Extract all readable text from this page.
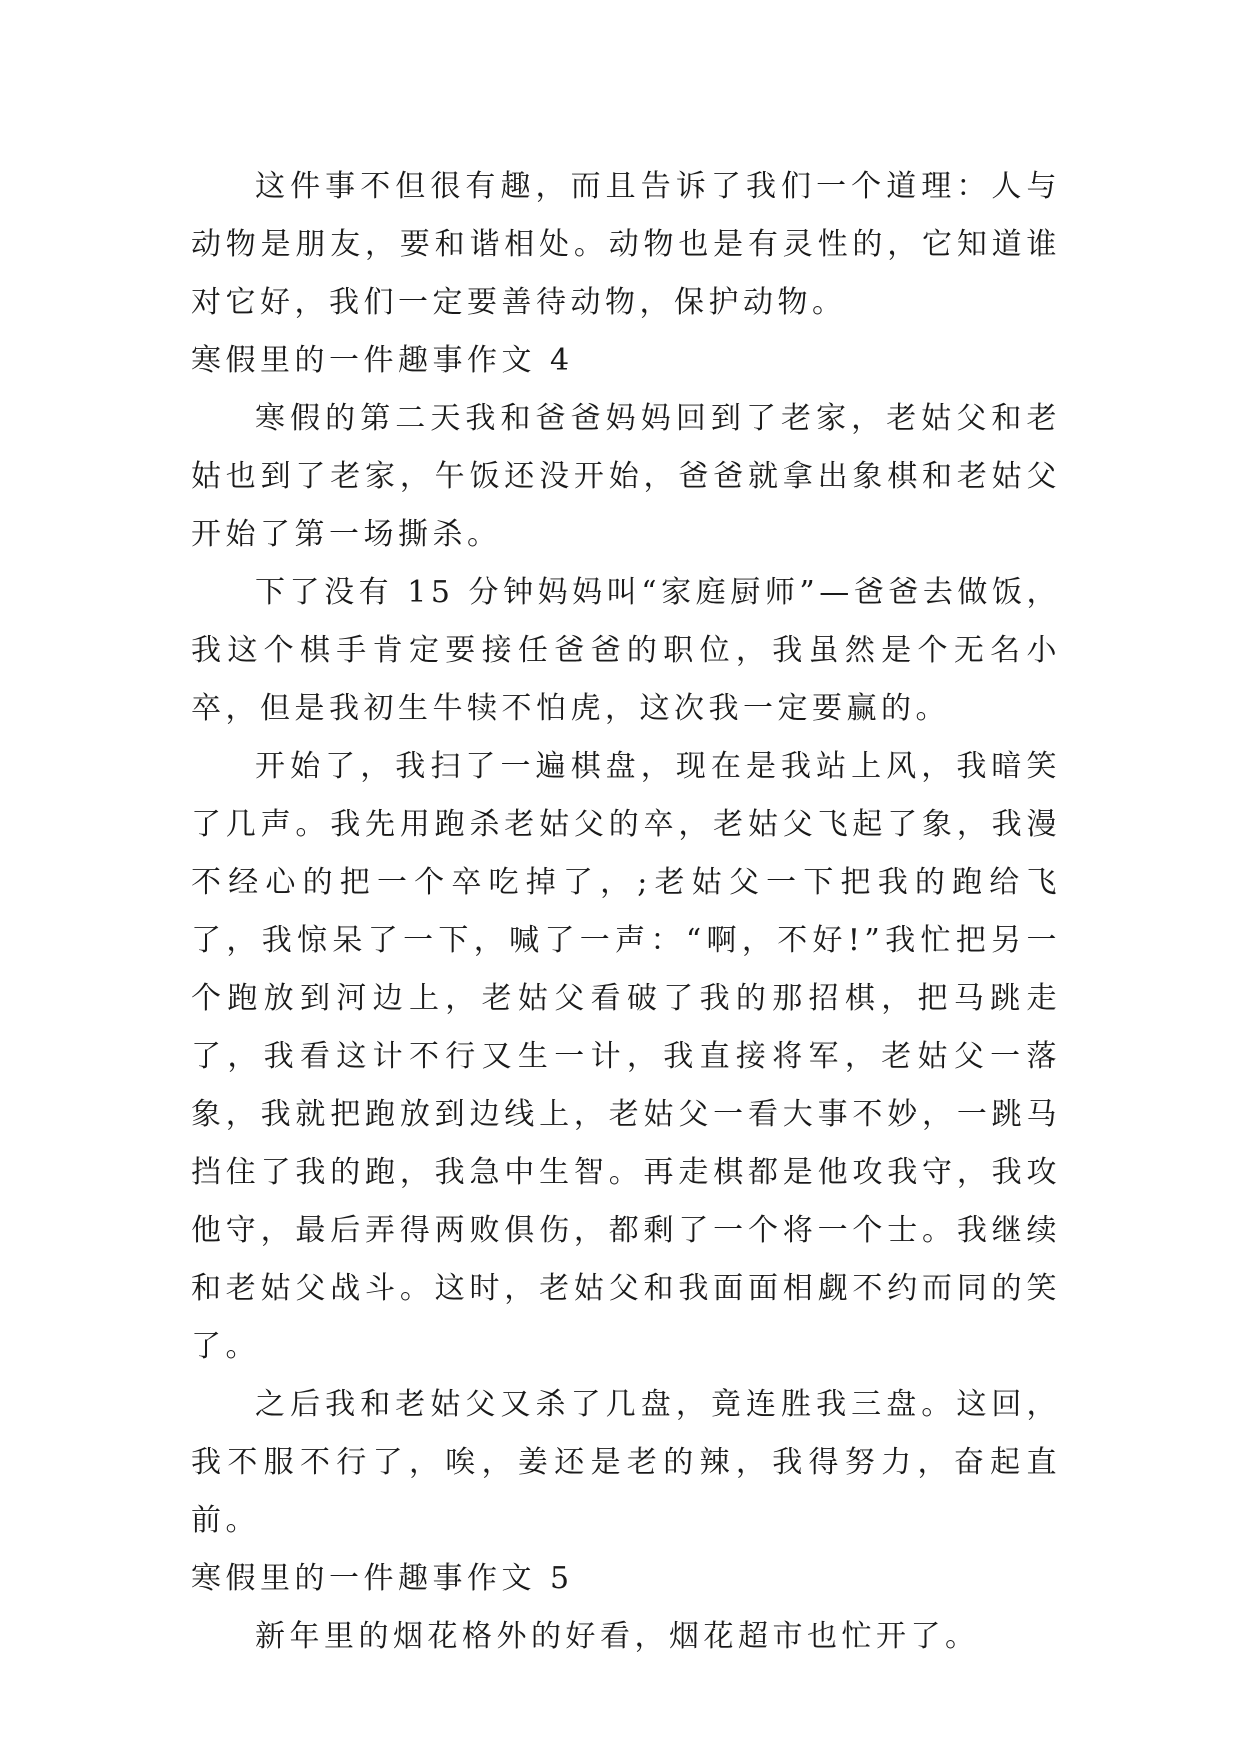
这件事不但很有趣，而且告诉了我们一个道理：人与动物是朋友，要和谐相处。动物也是有灵性的，它知道谁对它好，我们一定要善待动物，保护动物。

寒假里的一件趣事作文 4

寒假的第二天我和爸爸妈妈回到了老家，老姑父和老姑也到了老家，午饭还没开始，爸爸就拿出象棋和老姑父开始了第一场撕杀。

下了没有 15 分钟妈妈叫“家庭厨师”—爸爸去做饭，我这个棋手肯定要接任爸爸的职位，我虽然是个无名小卒，但是我初生牛犊不怕虎，这次我一定要赢的。

开始了，我扫了一遍棋盘，现在是我站上风，我暗笑了几声。我先用跑杀老姑父的卒，老姑父飞起了象，我漫不经心的把一个卒吃掉了，;老姑父一下把我的跑给飞了，我惊呆了一下，喊了一声：“啊，不好!”我忙把另一个跑放到河边上，老姑父看破了我的那招棋，把马跳走了，我看这计不行又生一计，我直接将军，老姑父一落象，我就把跑放到边线上，老姑父一看大事不妙，一跳马挡住了我的跑，我急中生智。再走棋都是他攻我守，我攻他守，最后弄得两败俱伤，都剩了一个将一个士。我继续和老姑父战斗。这时，老姑父和我面面相觑不约而同的笑了。

之后我和老姑父又杀了几盘，竟连胜我三盘。这回，我不服不行了，唉，姜还是老的辣，我得努力，奋起直前。

寒假里的一件趣事作文 5

新年里的烟花格外的好看，烟花超市也忙开了。
